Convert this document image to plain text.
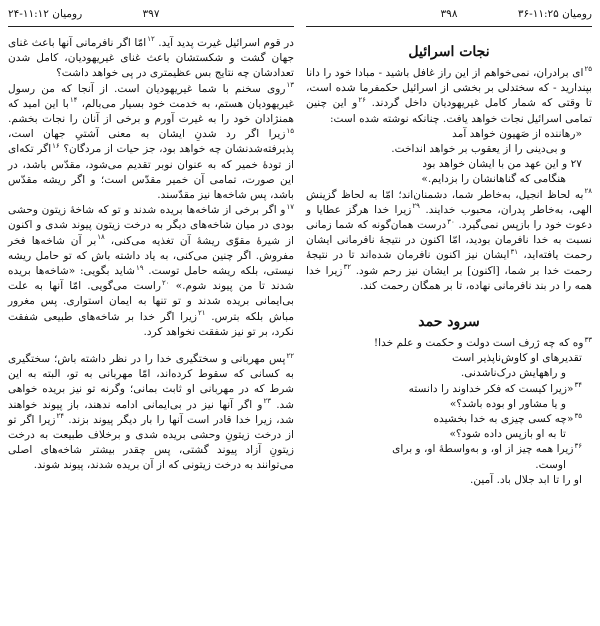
رومیان ۱۱:۲۵-۳۶
۳۹۸
نجات اسرائیل

$^{۲۵}$ای برادران، نمی‌خواهم از این راز غافل باشید - مبادا خود را دانا بپندارید - که سختدلی بر بخشی از اسرائیل حکمفرما شده است، تا وقتی که شمار کامل غیریهودیان داخل گردند. $^{۲۶}$و این چنین تمامی اسرائیل نجات خواهد یافت. چنانکه نوشته شده است:

«رهاننده از صَهیون خواهد آمد
و بی‌دینی را از یعقوب بر خواهد انداخت.
۲۷ و این عهد من با ایشان خواهد بود
هنگامی که گناهانشان را بزدایم.»

$^{۲۸}$به لحاظ انجیل، به‌خاطر شما، دشمنان‌اند؛ امّا به لحاظ گزینش الهی، به‌خاطر پدران، محبوب خدایند. $^{۲۹}$زیرا خدا هرگز عطایا و دعوت خود را بازپس نمی‌گیرد. $^{۳۰}$درست همان‌گونه که شما زمانی نسبت به خدا نافرمان بودید، امّا اکنون در نتیجهٔ نافرمانی ایشان رحمت یافته‌اید، $^{۳۱}$ایشان نیز اکنون نافرمان شده‌اند تا در نتیجهٔ رحمت خدا بر شما، [اکنون] بر ایشان نیز رحم شود. $^{۳۲}$زیرا خدا همه را در بند نافرمانی نهاده، تا بر همگان رحمت کند.

سرود حمد
$^{۳۳}$وه که چه ژرف است دولت و حکمت و علم خدا!
تقدیرهای او کاوش‌ناپذیر است
و راههایش درک‌ناشدنی.
$^{۳۴}$«زیرا کیست که فکر خداوند را دانسته
و یا مشاور او بوده باشد؟»
$^{۳۵}$«چه کسی چیزی به خدا بخشیده
تا به او بازپس داده شود؟»
$^{۳۶}$زیرا همه چیز از او، و به‌واسطهٔ او، و برای
اوست.
او را تا ابد جلال باد. آمین.
۳۹۷
رومیان ۱۱:۱۲-۲۴

در قوم اسرائیل غیرت پدید آید. $^{۱۲}$امّا اگر نافرمانی آنها باعث غنای جهان گشت و شکستشان باعث غنای غیریهودیان، کامل شدن تعدادشان چه نتایج بس عظیمتری در پی خواهد داشت؟

$^{۱۳}$روی سخنم با شما غیریهودیان است. از آنجا که من رسول غیریهودیان هستم، به خدمت خود بسیار می‌بالم، $^{۱۴}$با این امید که همنژادان خود را به غیرت آورم و برخی از آنان را نجات بخشم. $^{۱۵}$زیرا اگر رد شدنِ ایشان به معنی آشتیِ جهان است، پذیرفته‌شدنشان چه خواهد بود، جز حیات از مردگان؟ $^{۱۶}$اگر تکه‌ای از تودهٔ خمیر که به عنوان نوبر تقدیم می‌شود، مقدّس باشد، در این صورت، تمامی آن خمیر مقدّس است؛ و اگر ریشه مقدّس باشد، پس شاخه‌ها نیز مقدّسند.

$^{۱۷}$و اگر برخی از شاخه‌ها بریده شدند و تو که شاخهٔ زیتون وحشی بودی در میان شاخه‌های دیگر به درخت زیتون پیوند شدی و اکنون از شیرهٔ مقوّی ریشهٔ آن تغذیه می‌کنی، $^{۱۸}$بر آن شاخه‌ها فخر مفروش. اگر چنین می‌کنی، به یاد داشته باش که تو حامل ریشه نیستی، بلکه ریشه حامل توست. $^{۱۹}$شاید بگویی: «شاخه‌ها بریده شدند تا من پیوند شوم.» $^{۲۰}$راست می‌گویی. امّا آنها به علت بی‌ایمانی بریده شدند و تو تنها به ایمان استواری. پس مغرور مباش بلکه بترس. $^{۲۱}$زیرا اگر خدا بر شاخه‌های طبیعی شفقت نکرد، بر تو نیز شفقت نخواهد کرد.

$^{۲۲}$پس مهربانی و سختگیری خدا را در نظر داشته باش؛ سختگیری به کسانی که سقوط کرده‌اند، امّا مهربانی به تو، البته به این شرط که در مهربانی او ثابت بمانی؛ وگرنه تو نیز بریده خواهی شد. $^{۲۳}$و اگر آنها نیز در بی‌ایمانی ادامه ندهند، باز پیوند خواهند شد، زیرا خدا قادر است آنها را بار دیگر پیوند بزند. $^{۲۴}$زیرا اگر تو از درخت زیتونِ وحشی بریده شدی و برخلاف طبیعت به درخت زیتونِ آزاد پیوند گشتی، پس چقدر بیشتر شاخه‌های اصلی می‌توانند به درخت زیتونی که از آن بریده شدند، پیوند شوند.
